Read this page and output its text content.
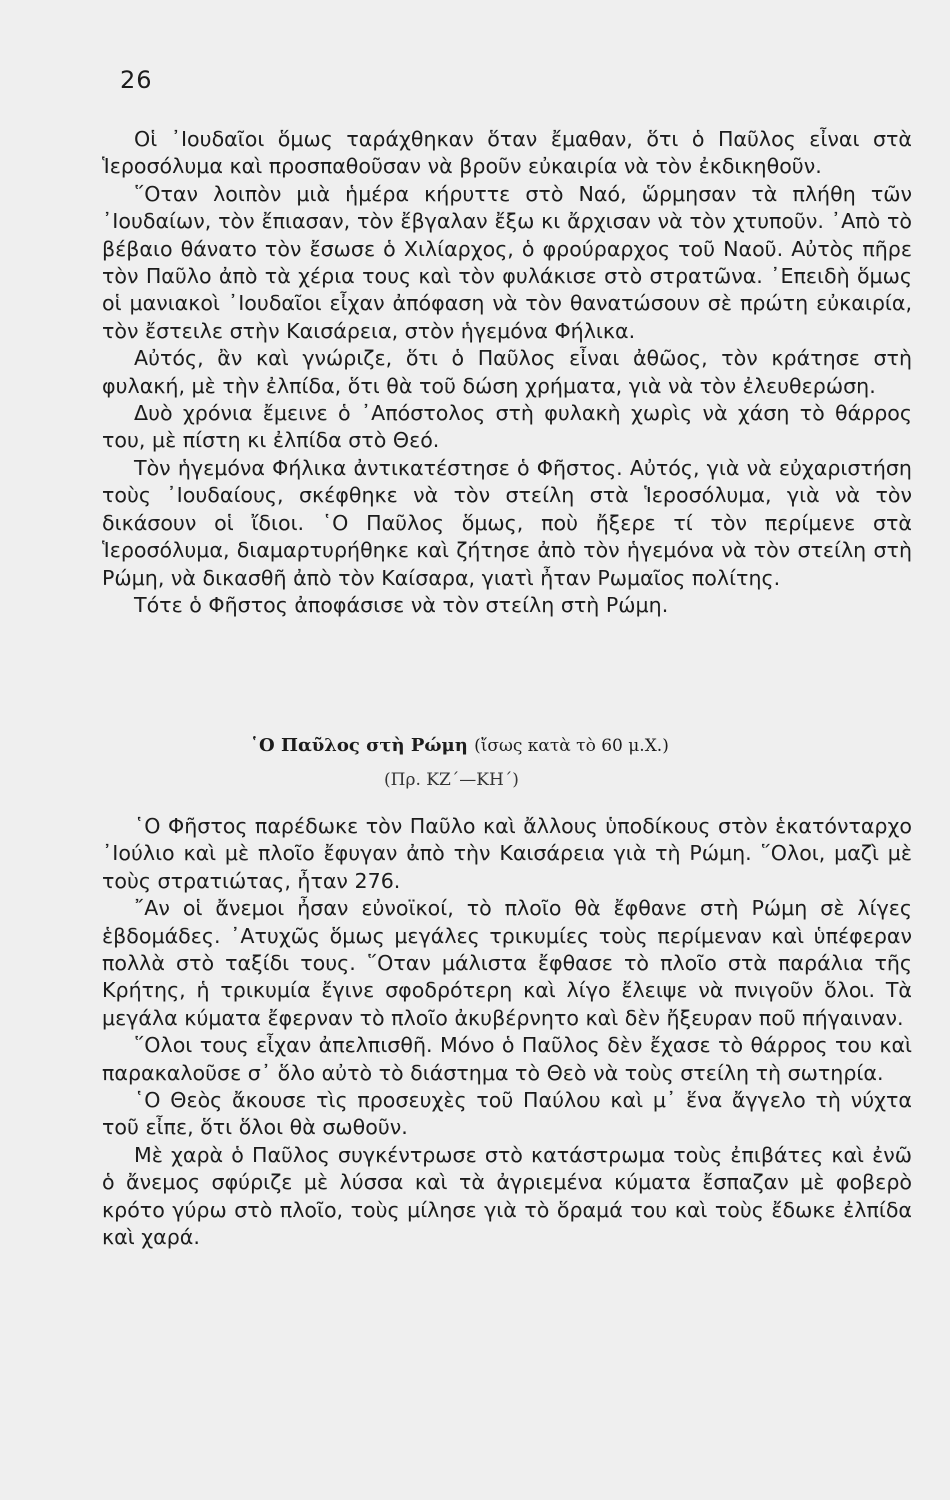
26

Οἱ ᾿Ιουδαῖοι ὅμως ταράχθηκαν ὅταν ἔμαθαν, ὅτι ὁ Παῦλος εἶναι στὰ Ἱεροσόλυμα καὶ προσπαθοῦσαν νὰ βροῦν εὐκαιρία νὰ τὸν ἐκδικηθοῦν.

῞Οταν λοιπὸν μιὰ ἡμέρα κήρυττε στὸ Ναό, ὥρμησαν τὰ πλήθη τῶν ᾿Ιουδαίων, τὸν ἔπιασαν, τὸν ἔβγαλαν ἔξω κι ἄρχισαν νὰ τὸν χτυποῦν. ᾿Απὸ τὸ βέβαιο θάνατο τὸν ἔσωσε ὁ Χιλίαρχος, ὁ φρούραρχος τοῦ Ναοῦ. Αὐτὸς πῆρε τὸν Παῦλο ἀπὸ τὰ χέρια τους καὶ τὸν φυλάκισε στὸ στρατῶνα. ᾿Επειδὴ ὅμως οἱ μανιακοὶ ᾿Ιουδαῖοι εἶχαν ἀπόφαση νὰ τὸν θανατώσουν σὲ πρώτη εὐκαιρία, τὸν ἔστειλε στὴν Καισάρεια, στὸν ἡγεμόνα Φήλικα.

Αὐτός, ἂν καὶ γνώριζε, ὅτι ὁ Παῦλος εἶναι ἀθῶος, τὸν κράτησε στὴ φυλακή, μὲ τὴν ἐλπίδα, ὅτι θὰ τοῦ δώση χρήματα, γιὰ νὰ τὸν ἐλευθερώση.

Δυὸ χρόνια ἔμεινε ὁ ᾿Απόστολος στὴ φυλακὴ χωρὶς νὰ χάση τὸ θάρρος του, μὲ πίστη κι ἐλπίδα στὸ Θεό.

Τὸν ἡγεμόνα Φήλικα ἀντικατέστησε ὁ Φῆστος. Αὐτός, γιὰ νὰ εὐχαριστήση τοὺς ᾿Ιουδαίους, σκέφθηκε νὰ τὸν στείλη στὰ Ἱεροσόλυμα, γιὰ νὰ τὸν δικάσουν οἱ ἴδιοι. ῾Ο Παῦλος ὅμως, ποὺ ἤξερε τί τὸν περίμενε στὰ Ἱεροσόλυμα, διαμαρτυρήθηκε καὶ ζήτησε ἀπὸ τὸν ἡγεμόνα νὰ τὸν στείλη στὴ Ρώμη, νὰ δικασθῆ ἀπὸ τὸν Καίσαρα, γιατὶ ἦταν Ρωμαῖος πολίτης.

Τότε ὁ Φῆστος ἀποφάσισε νὰ τὸν στείλη στὴ Ρώμη.

῾Ο Παῦλος στὴ Ρώμη (ἴσως κατὰ τὸ 60 μ.Χ.)
(Πρ. ΚΖ΄—ΚΗ΄)

῾Ο Φῆστος παρέδωκε τὸν Παῦλο καὶ ἄλλους ὑποδίκους στὸν ἑκατόνταρχο ᾿Ιούλιο καὶ μὲ πλοῖο ἔφυγαν ἀπὸ τὴν Καισάρεια γιὰ τὴ Ρώμη. ῞Ολοι, μαζὶ μὲ τοὺς στρατιώτας, ἦταν 276.

῎Αν οἱ ἄνεμοι ἦσαν εὐνοϊκοί, τὸ πλοῖο θὰ ἔφθανε στὴ Ρώμη σὲ λίγες ἑβδομάδες. ᾿Ατυχῶς ὅμως μεγάλες τρικυμίες τοὺς περίμεναν καὶ ὑπέφεραν πολλὰ στὸ ταξίδι τους. ῞Οταν μάλιστα ἔφθασε τὸ πλοῖο στὰ παράλια τῆς Κρήτης, ἡ τρικυμία ἔγινε σφοδρότερη καὶ λίγο ἔλειψε νὰ πνιγοῦν ὅλοι. Τὰ μεγάλα κύματα ἔφερναν τὸ πλοῖο ἀκυβέρνητο καὶ δὲν ἤξευραν ποῦ πήγαιναν.

῞Ολοι τους εἶχαν ἀπελπισθῆ. Μόνο ὁ Παῦλος δὲν ἔχασε τὸ θάρρος του καὶ παρακαλοῦσε σ᾿ ὅλο αὐτὸ τὸ διάστημα τὸ Θεὸ νὰ τοὺς στείλη τὴ σωτηρία.

῾Ο Θεὸς ἄκουσε τὶς προσευχὲς τοῦ Παύλου καὶ μ᾿ ἕνα ἄγγελο τὴ νύχτα τοῦ εἶπε, ὅτι ὅλοι θὰ σωθοῦν.

Μὲ χαρὰ ὁ Παῦλος συγκέντρωσε στὸ κατάστρωμα τοὺς ἐπιβάτες καὶ ἐνῶ ὁ ἄνεμος σφύριζε μὲ λύσσα καὶ τὰ ἀγριεμένα κύματα ἔσπαζαν μὲ φοβερὸ κρότο γύρω στὸ πλοῖο, τοὺς μίλησε γιὰ τὸ ὅραμά του καὶ τοὺς ἔδωκε ἐλπίδα καὶ χαρά.
